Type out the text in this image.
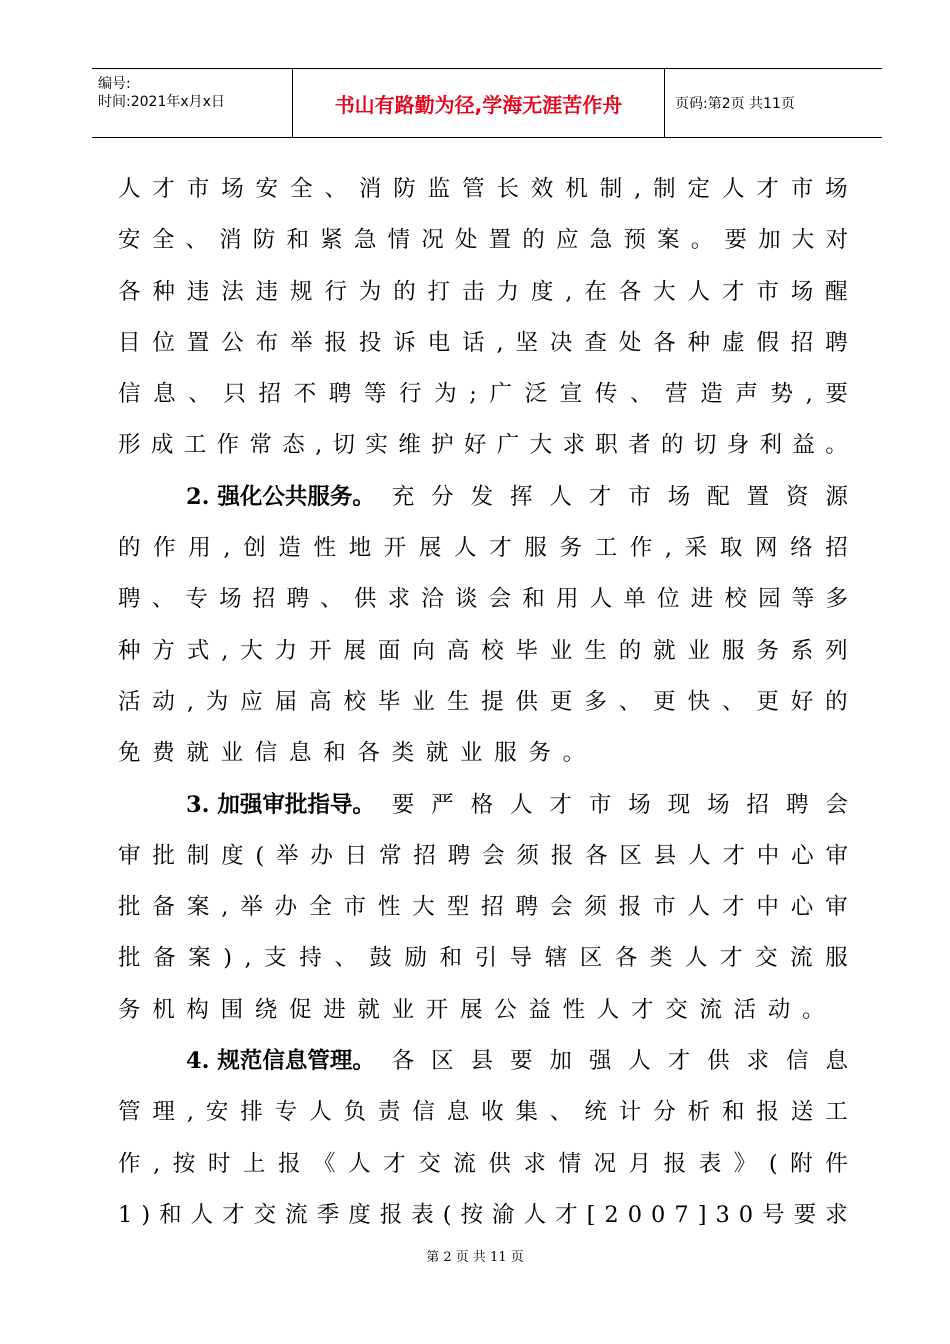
编号:
时间:2021年x月x日	书山有路勤为径,学海无涯苦作舟	页码:第2页 共11页
人 才 市 场 安 全 、 消 防 监 管 长 效 机 制 , 制 定 人 才 市 场
安 全 、 消 防 和 紧 急 情 况 处 置 的 应 急 预 案 。 要 加 大 对
各 种 违 法 违 规 行 为 的 打 击 力 度 , 在 各 大 人 才 市 场 醒
目 位 置 公 布 举 报 投 诉 电 话 , 坚 决 查 处 各 种 虚 假 招 聘
信 息 、 只 招 不 聘 等 行 为 ; 广 泛 宣 传 、 营 造 声 势 , 要
形 成 工 作 常 态 , 切 实 维 护 好 广 大 求 职 者 的 切 身 利 益 。
2. 强化公共服务。 充 分 发 挥 人 才 市 场 配 置 资 源
的 作 用 , 创 造 性 地 开 展 人 才 服 务 工 作 , 采 取 网 络 招
聘 、 专 场 招 聘 、 供 求 洽 谈 会 和 用 人 单 位 进 校 园 等 多
种 方 式 , 大 力 开 展 面 向 高 校 毕 业 生 的 就 业 服 务 系 列
活 动 , 为 应 届 高 校 毕 业 生 提 供 更 多 、 更 快 、 更 好 的
免费就业信息和各类就业服务。
3. 加强审批指导。 要 严 格 人 才 市 场 现 场 招 聘 会
审 批 制 度 ( 举 办 日 常 招 聘 会 须 报 各 区 县 人 才 中 心 审
批 备 案 , 举 办 全 市 性 大 型 招 聘 会 须 报 市 人 才 中 心 审
批 备 案 ) , 支 持 、 鼓 励 和 引 导 辖 区 各 类 人 才 交 流 服
务机构围绕促进就业开展公益性人才交流活动。
4. 规范信息管理。 各 区 县 要 加 强 人 才 供 求 信 息
管 理 , 安 排 专 人 负 责 信 息 收 集 、 统 计 分 析 和 报 送 工
作 , 按 时 上 报 《 人 才 交 流 供 求 情 况 月 报 表 》 ( 附 件
1 ) 和 人 才 交 流 季 度 报 表 ( 按 渝 人 才 [ 2 0 0 7 ] 3 0 号 要 求
第 2 页 共 11 页
